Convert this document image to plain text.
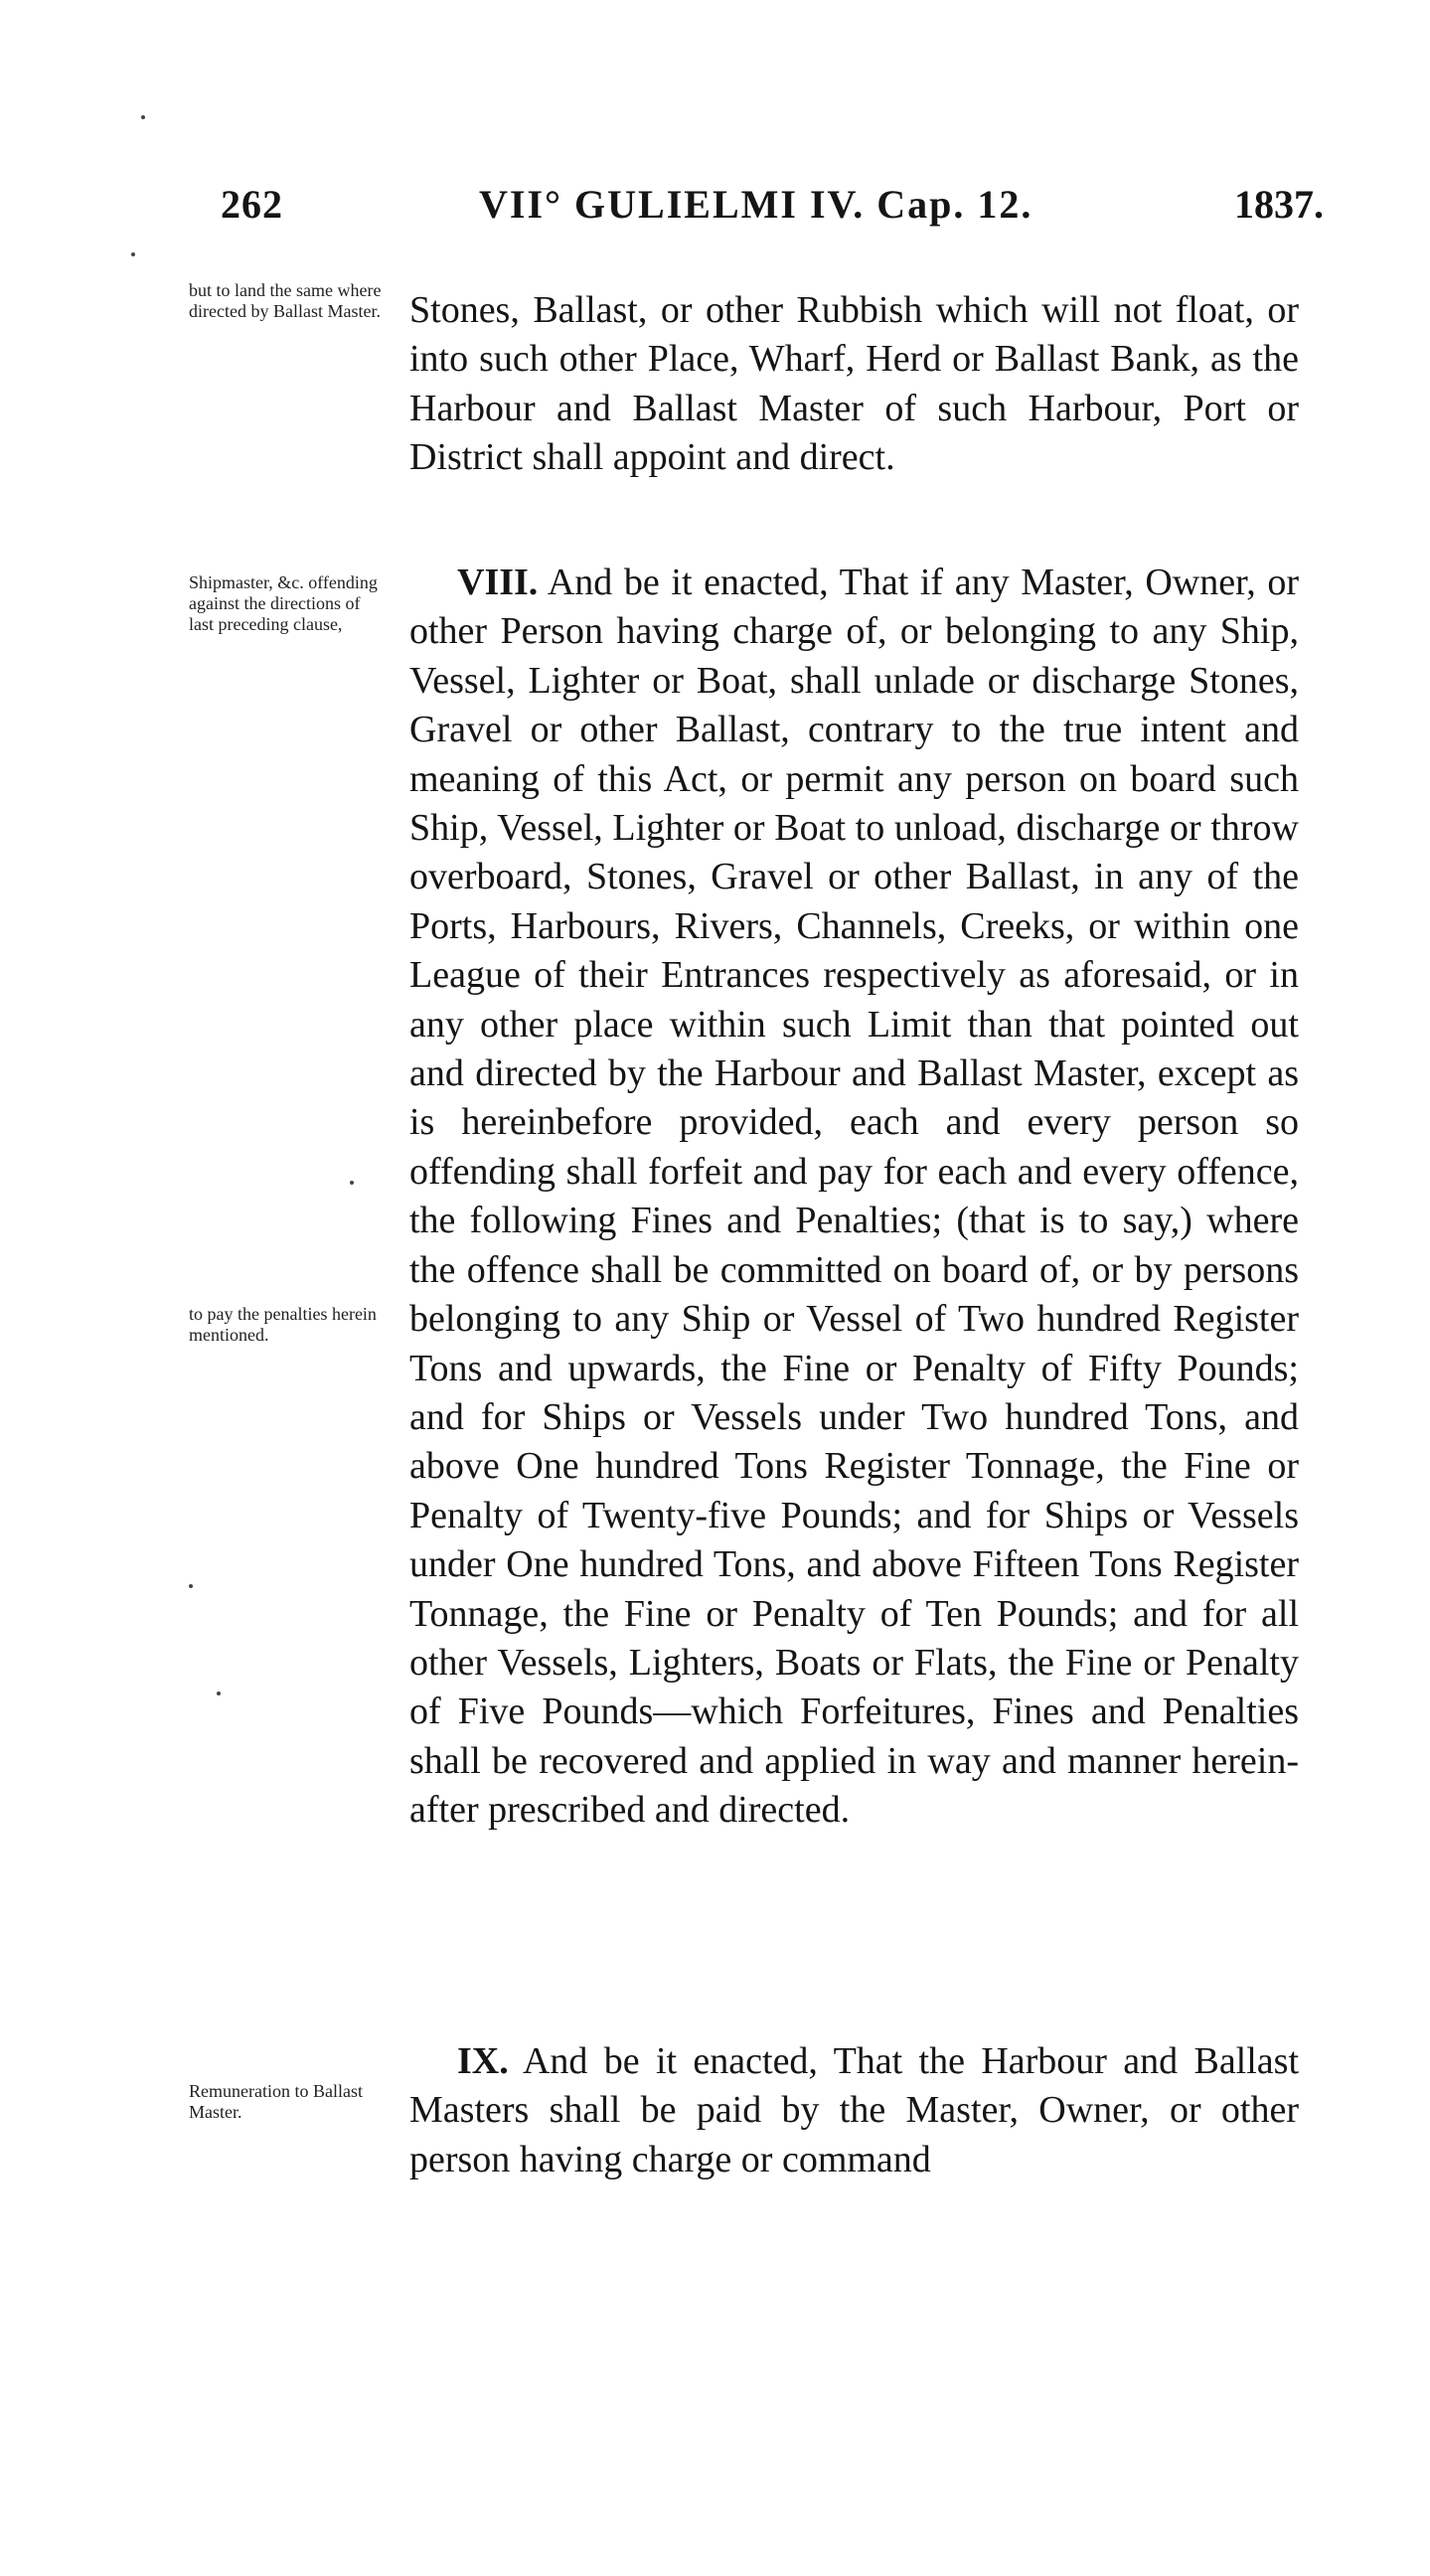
262	VII° GULIELMI IV. Cap. 12.	1837.
but to land the same where directed by Ballast Master.
Shipmaster, &c. offending against the directions of last preceding clause,
to pay the penalties herein mentioned.
Remuneration to Ballast Master.
Stones, Ballast, or other Rubbish which will not float, or into such other Place, Wharf, Herd or Ballast Bank, as the Harbour and Ballast Master of such Harbour, Port or District shall appoint and direct.
VIII. And be it enacted, That if any Master, Owner, or other Person having charge of, or belonging to any Ship, Vessel, Lighter or Boat, shall unlade or discharge Stones, Gravel or other Ballast, contrary to the true intent and meaning of this Act, or permit any person on board such Ship, Vessel, Lighter or Boat to unload, discharge or throw overboard, Stones, Gravel or other Ballast, in any of the Ports, Harbours, Rivers, Channels, Creeks, or within one League of their Entrances respectively as aforesaid, or in any other place within such Limit than that pointed out and directed by the Harbour and Ballast Master, except as is hereinbefore provided, each and every person so offending shall forfeit and pay for each and every offence, the following Fines and Penalties; (that is to say,) where the offence shall be committed on board of, or by persons belonging to any Ship or Vessel of Two hundred Register Tons and upwards, the Fine or Penalty of Fifty Pounds; and for Ships or Vessels under Two hundred Tons, and above One hundred Tons Register Tonnage, the Fine or Penalty of Twenty-five Pounds; and for Ships or Vessels under One hundred Tons, and above Fifteen Tons Register Tonnage, the Fine or Penalty of Ten Pounds; and for all other Vessels, Lighters, Boats or Flats, the Fine or Penalty of Five Pounds—which Forfeitures, Fines and Penalties shall be recovered and applied in way and manner herein-after prescribed and directed.
IX. And be it enacted, That the Harbour and Ballast Masters shall be paid by the Master, Owner, or other person having charge or command
